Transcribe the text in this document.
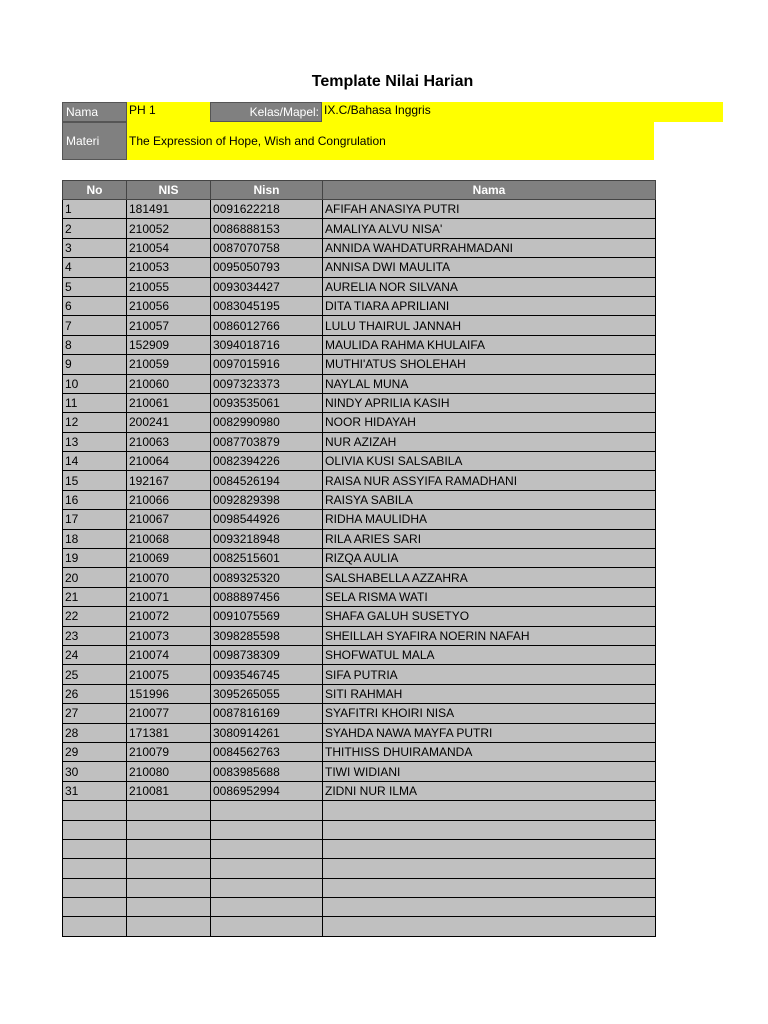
Template Nilai Harian
Nama	PH 1	Kelas/Mapel: IX.C/Bahasa Inggris
Materi	The Expression of Hope, Wish and Congrulation
No	NIS	Nisn	Nama
1	181491	0091622218	AFIFAH ANASIYA PUTRI
2	210052	0086888153	AMALIYA ALVU NISA'
3	210054	0087070758	ANNIDA WAHDATURRAHMADANI
4	210053	0095050793	ANNISA DWI MAULITA
5	210055	0093034427	AURELIA NOR SILVANA
6	210056	0083045195	DITA TIARA APRILIANI
7	210057	0086012766	LULU THAIRUL JANNAH
8	152909	3094018716	MAULIDA RAHMA KHULAIFA
9	210059	0097015916	MUTHI'ATUS SHOLEHAH
10	210060	0097323373	NAYLAL MUNA
11	210061	0093535061	NINDY APRILIA KASIH
12	200241	0082990980	NOOR HIDAYAH
13	210063	0087703879	NUR AZIZAH
14	210064	0082394226	OLIVIA KUSI SALSABILA
15	192167	0084526194	RAISA NUR ASSYIFA RAMADHANI
16	210066	0092829398	RAISYA SABILA
17	210067	0098544926	RIDHA MAULIDHA
18	210068	0093218948	RILA ARIES SARI
19	210069	0082515601	RIZQA AULIA
20	210070	0089325320	SALSHABELLA AZZAHRA
21	210071	0088897456	SELA RISMA WATI
22	210072	0091075569	SHAFA GALUH SUSETYO
23	210073	3098285598	SHEILLAH SYAFIRA NOERIN NAFAH
24	210074	0098738309	SHOFWATUL MALA
25	210075	0093546745	SIFA PUTRIA
26	151996	3095265055	SITI RAHMAH
27	210077	0087816169	SYAFITRI KHOIRI NISA
28	171381	3080914261	SYAHDA NAWA MAYFA PUTRI
29	210079	0084562763	THITHISS DHUIRAMANDA
30	210080	0083985688	TIWI WIDIANI
31	210081	0086952994	ZIDNI NUR ILMA
